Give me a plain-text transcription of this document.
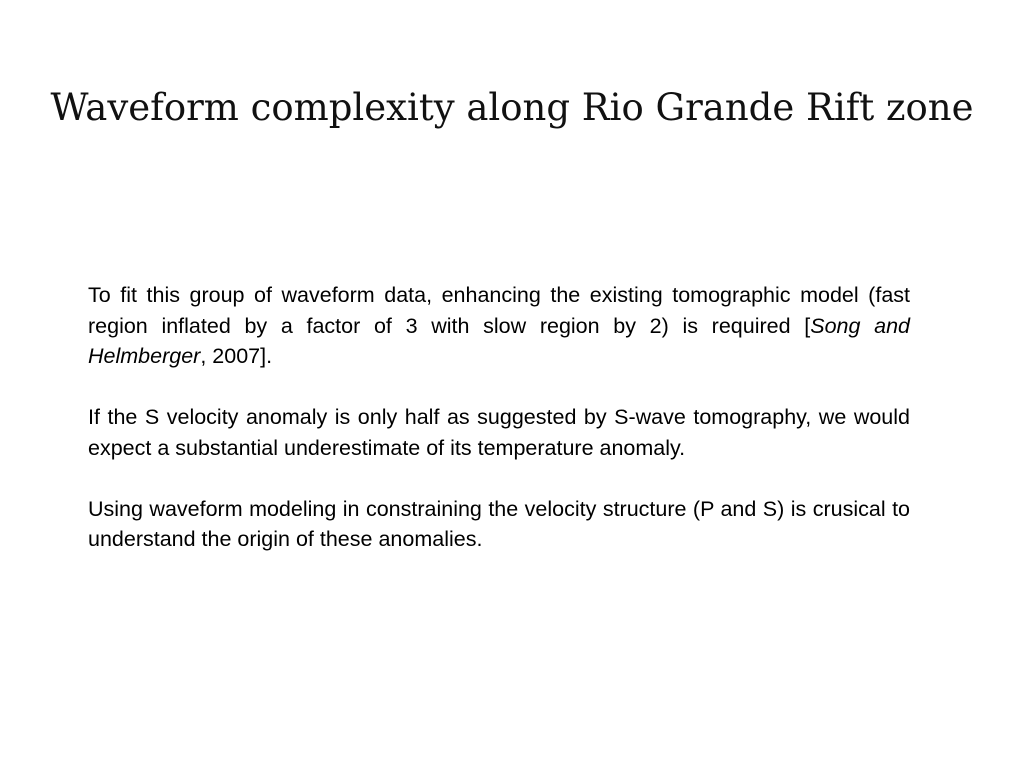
Waveform complexity along Rio Grande Rift zone

To fit this group of waveform data, enhancing the existing tomographic model (fast region inflated by a factor of 3 with slow region by 2) is required [Song and Helmberger, 2007].

If the S velocity anomaly is only half as suggested by S-wave tomography, we would expect a substantial underestimate of its temperature anomaly.

Using waveform modeling in constraining the velocity structure (P and S) is crusical to understand the origin of these anomalies.
